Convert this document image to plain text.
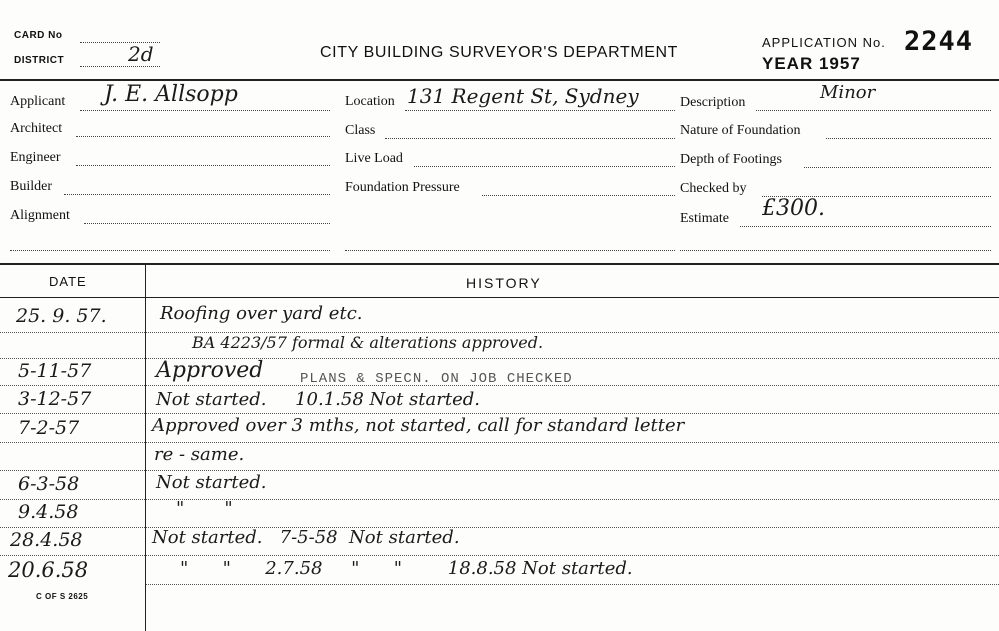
CARD No
DISTRICT	2d	CITY BUILDING SURVEYOR'S DEPARTMENT
APPLICATION No. 2244
YEAR 1957
Applicant J. E. Allsopp
Architect
Engineer
Builder
Alignment
Location 131 Regent St, Sydney
Class
Live Load
Foundation Pressure
Description	Minor
Nature of Foundation
Depth of Footings
Checked by
Estimate £300.
DATE	HISTORY
25. 9. 57.	Roofing over yard etc.
BA 4223/57 formal & alterations approved.
5-11-57	Approved	PLANS & SPECN. ON JOB CHECKED
3-12-57	Not started.     10.1.58 Not started.
7-2-57	Approved over 3 mths, not started, call for standard letter
re - same.
6-3-58	Not started.
9.4.58	"       "
28.4.58	Not started.   7-5-58  Not started.
20.6.58	"      "      2.7.58     "      "        18.8.58 Not started.
C OF S 2625
